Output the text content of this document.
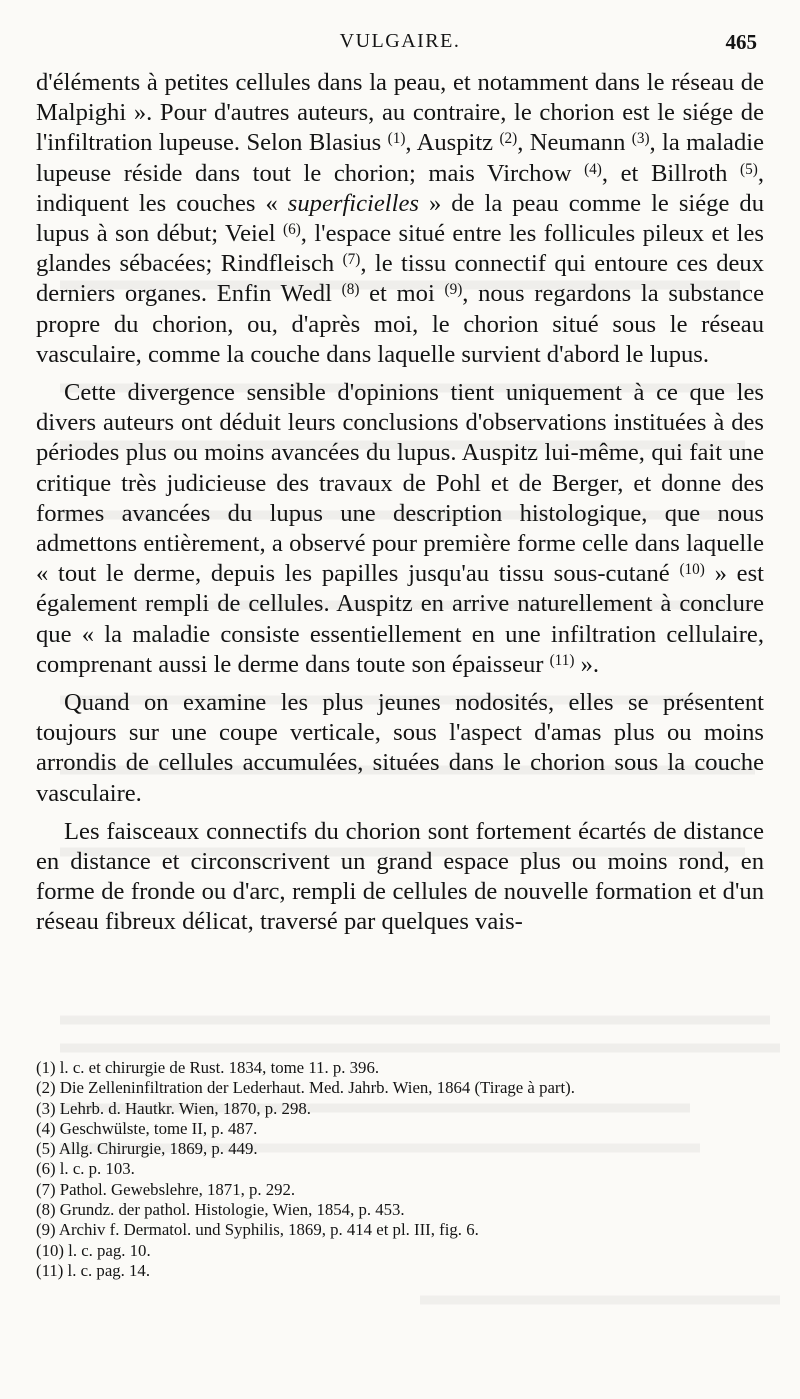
VULGAIRE.	465

d'éléments à petites cellules dans la peau, et notamment dans le réseau de Malpighi ». Pour d'autres auteurs, au contraire, le chorion est le siége de l'infiltration lupeuse. Selon Blasius $^{(1)}$, Auspitz $^{(2)}$, Neumann $^{(3)}$, la maladie lupeuse réside dans tout le chorion; mais Virchow $^{(4)}$, et Billroth $^{(5)}$, indiquent les couches « superficielles » de la peau comme le siége du lupus à son début; Veiel $^{(6)}$, l'espace situé entre les follicules pileux et les glandes sébacées; Rindfleisch $^{(7)}$, le tissu connectif qui entoure ces deux derniers organes. Enfin Wedl $^{(8)}$ et moi $^{(9)}$, nous regardons la substance propre du chorion, ou, d'après moi, le chorion situé sous le réseau vasculaire, comme la couche dans laquelle survient d'abord le lupus.

Cette divergence sensible d'opinions tient uniquement à ce que les divers auteurs ont déduit leurs conclusions d'observations instituées à des périodes plus ou moins avancées du lupus. Auspitz lui-même, qui fait une critique très judicieuse des travaux de Pohl et de Berger, et donne des formes avancées du lupus une description histologique, que nous admettons entièrement, a observé pour première forme celle dans laquelle « tout le derme, depuis les papilles jusqu'au tissu sous-cutané $^{(10)}$ » est également rempli de cellules. Auspitz en arrive naturellement à conclure que « la maladie consiste essentiellement en une infiltration cellulaire, comprenant aussi le derme dans toute son épaisseur $^{(11)}$ ».

Quand on examine les plus jeunes nodosités, elles se présentent toujours sur une coupe verticale, sous l'aspect d'amas plus ou moins arrondis de cellules accumulées, situées dans le chorion sous la couche vasculaire.

Les faisceaux connectifs du chorion sont fortement écartés de distance en distance et circonscrivent un grand espace plus ou moins rond, en forme de fronde ou d'arc, rempli de cellules de nouvelle formation et d'un réseau fibreux délicat, traversé par quelques vais-

(1) l. c. et chirurgie de Rust. 1834, tome 11. p. 396.
(2) Die Zelleninfiltration der Lederhaut. Med. Jahrb. Wien, 1864 (Tirage à part).
(3) Lehrb. d. Hautkr. Wien, 1870, p. 298.
(4) Geschwülste, tome II, p. 487.
(5) Allg. Chirurgie, 1869, p. 449.
(6) l. c. p. 103.
(7) Pathol. Gewebslehre, 1871, p. 292.
(8) Grundz. der pathol. Histologie, Wien, 1854, p. 453.
(9) Archiv f. Dermatol. und Syphilis, 1869, p. 414 et pl. III, fig. 6.
(10) l. c. pag. 10.
(11) l. c. pag. 14.
